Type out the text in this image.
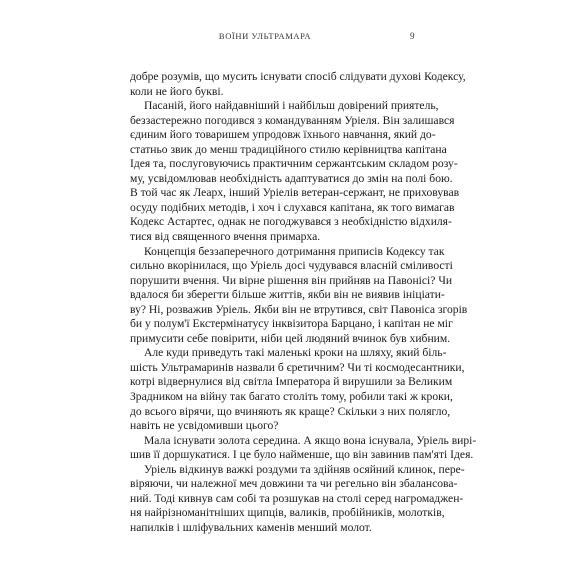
ВОЇНИ УЛЬТРАМАРА	9
добре розумів, що мусить існувати спосіб слідувати духові Кодексу,
коли не його букві.
Пасаній, його найдавніший і найбільш довірений приятель,
беззастережно погодився з командуванням Уріеля. Він залишався
єдиним його товаришем упродовж їхнього навчання, який до-
статньо звик до менш традиційного стилю керівництва капітана
Ідея та, послуговуючись практичним сержантським складом розу-
му, усвідомлював необхідність адаптуватися до змін на полі бою.
В той час як Леарх, інший Уріелів ветеран-сержант, не приховував
осуду подібних методів, і хоч і слухався капітана, як того вимагав
Кодекс Астартес, однак не погоджувався з необхідністю відхиля-
тися від священного вчення примарха.
Концепція беззаперечного дотримання приписів Кодексу так
сильно вкорінилася, що Уріель досі чудувався власній сміливості
порушити вчення. Чи вірне рішення він прийняв на Павонісі? Чи
вдалося би зберегти більше життів, якби він не виявив ініціати-
ву? Ні, розважив Уріель. Якби він не втрутився, світ Павоніса згорів
би у полум'ї Екстермінатусу інквізитора Барцано, і капітан не міг
примусити себе повірити, ніби цей людяний вчинок був хибним.
Але куди приведуть такі маленькі кроки на шляху, який біль-
шість Ультрамаринів назвали б єретичним? Чи ті космодесантники,
котрі відвернулися від світла Імператора й вирушили за Великим
Зрадником на війну так багато століть тому, робили такі ж кроки,
до всього вірячи, що вчиняють як краще? Скільки з них полягло,
навіть не усвідомивши цього?
Мала існувати золота середина. А якщо вона існувала, Уріель вирі-
шив її доршукатися. І це було найменше, що він завинив пам'яті Ідея.
Уріель відкинув важкі роздуми та здійняв осяйний клинок, пере-
віряючи, чи належної меч довжини та чи регельно він збалансова-
ний. Тоді кивнув сам собі та розшукав на столі серед нагромаджен-
ня найрізноманітніших щипців, валиків, пробійників, молотків,
напилків і шліфувальних каменів менший молот.
